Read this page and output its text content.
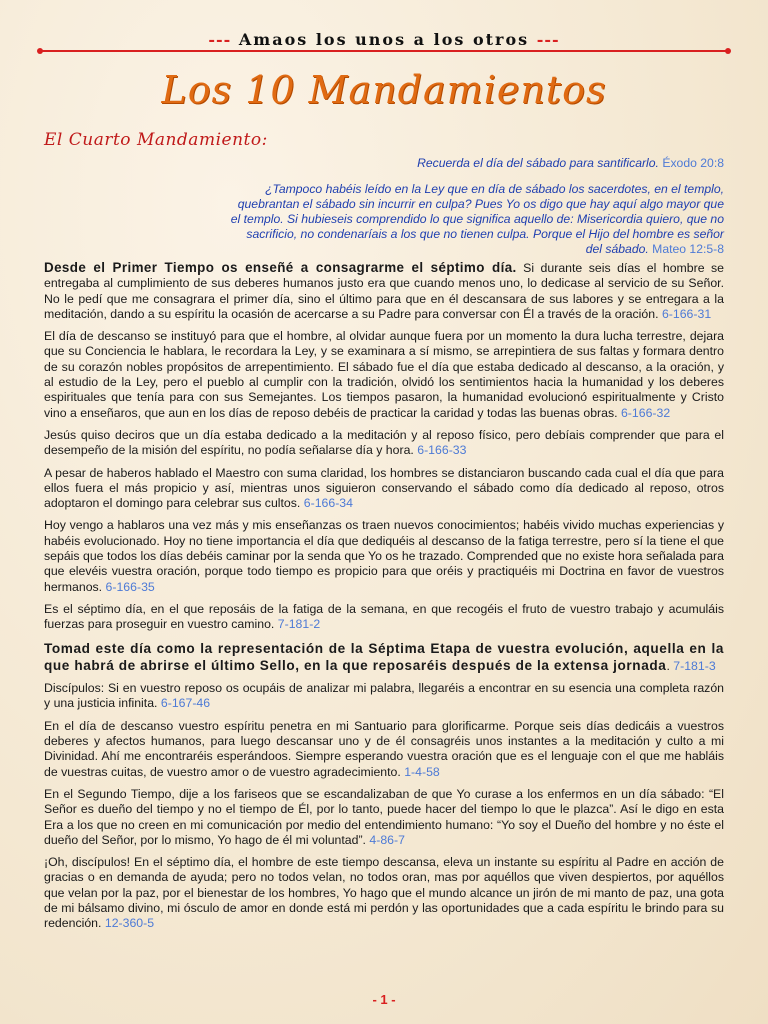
--- Amaos los unos a los otros ---
Los 10 Mandamientos
El Cuarto Mandamiento:

Recuerda el día del sábado para santificarlo. Éxodo 20:8

¿Tampoco habéis leído en la Ley que en día de sábado los sacerdotes, en el templo, quebrantan el sábado sin incurrir en culpa? Pues Yo os digo que hay aquí algo mayor que el templo. Si hubieseis comprendido lo que significa aquello de: Misericordia quiero, que no sacrificio, no condenaríais a los que no tienen culpa. Porque el Hijo del hombre es señor del sábado. Mateo 12:5-8

Desde el Primer Tiempo os enseñé a consagrarme el séptimo día. Si durante seis días el hombre se entregaba al cumplimiento de sus deberes humanos justo era que cuando menos uno, lo dedicase al servicio de su Señor. No le pedí que me consagrara el primer día, sino el último para que en él descansara de sus labores y se entregara a la meditación, dando a su espíritu la ocasión de acercarse a su Padre para conversar con Él a través de la oración. 6-166-31

El día de descanso se instituyó para que el hombre, al olvidar aunque fuera por un momento la dura lucha terrestre, dejara que su Conciencia le hablara, le recordara la Ley, y se examinara a sí mismo, se arrepintiera de sus faltas y formara dentro de su corazón nobles propósitos de arrepentimiento. El sábado fue el día que estaba dedicado al descanso, a la oración, y al estudio de la Ley, pero el pueblo al cumplir con la tradición, olvidó los sentimientos hacia la humanidad y los deberes espirituales que tenía para con sus Semejantes. Los tiempos pasaron, la humanidad evolucionó espiritualmente y Cristo vino a enseñaros, que aun en los días de reposo debéis de practicar la caridad y todas las buenas obras. 6-166-32

Jesús quiso deciros que un día estaba dedicado a la meditación y al reposo físico, pero debíais comprender que para el desempeño de la misión del espíritu, no podía señalarse día y hora. 6-166-33

A pesar de haberos hablado el Maestro con suma claridad, los hombres se distanciaron buscando cada cual el día que para ellos fuera el más propicio y así, mientras unos siguieron conservando el sábado como día dedicado al reposo, otros adoptaron el domingo para celebrar sus cultos. 6-166-34

Hoy vengo a hablaros una vez más y mis enseñanzas os traen nuevos conocimientos; habéis vivido muchas experiencias y habéis evolucionado. Hoy no tiene importancia el día que dediquéis al descanso de la fatiga terrestre, pero sí la tiene el que sepáis que todos los días debéis caminar por la senda que Yo os he trazado. Comprended que no existe hora señalada para que elevéis vuestra oración, porque todo tiempo es propicio para que oréis y practiquéis mi Doctrina en favor de vuestros hermanos. 6-166-35

Es el séptimo día, en el que reposáis de la fatiga de la semana, en que recogéis el fruto de vuestro trabajo y acumuláis fuerzas para proseguir en vuestro camino. 7-181-2

Tomad este día como la representación de la Séptima Etapa de vuestra evolución, aquella en la que habrá de abrirse el último Sello, en la que reposaréis después de la extensa jornada. 7-181-3

Discípulos: Si en vuestro reposo os ocupáis de analizar mi palabra, llegaréis a encontrar en su esencia una completa razón y una justicia infinita. 6-167-46

En el día de descanso vuestro espíritu penetra en mi Santuario para glorificarme. Porque seis días dedicáis a vuestros deberes y afectos humanos, para luego descansar uno y de él consagréis unos instantes a la meditación y culto a mi Divinidad. Ahí me encontraréis esperándoos. Siempre esperando vuestra oración que es el lenguaje con el que me habláis de vuestras cuitas, de vuestro amor o de vuestro agradecimiento. 1-4-58

En el Segundo Tiempo, dije a los fariseos que se escandalizaban de que Yo curase a los enfermos en un día sábado: “El Señor es dueño del tiempo y no el tiempo de Él, por lo tanto, puede hacer del tiempo lo que le plazca”. Así le digo en esta Era a los que no creen en mi comunicación por medio del entendimiento humano: “Yo soy el Dueño del hombre y no éste el dueño del Señor, por lo mismo, Yo hago de él mi voluntad”. 4-86-7

¡Oh, discípulos! En el séptimo día, el hombre de este tiempo descansa, eleva un instante su espíritu al Padre en acción de gracias o en demanda de ayuda; pero no todos velan, no todos oran, mas por aquéllos que viven despiertos, por aquéllos que velan por la paz, por el bienestar de los hombres, Yo hago que el mundo alcance un jirón de mi manto de paz, una gota de mi bálsamo divino, mi ósculo de amor en donde está mi perdón y las oportunidades que a cada espíritu le brindo para su redención. 12-360-5

- 1 -
